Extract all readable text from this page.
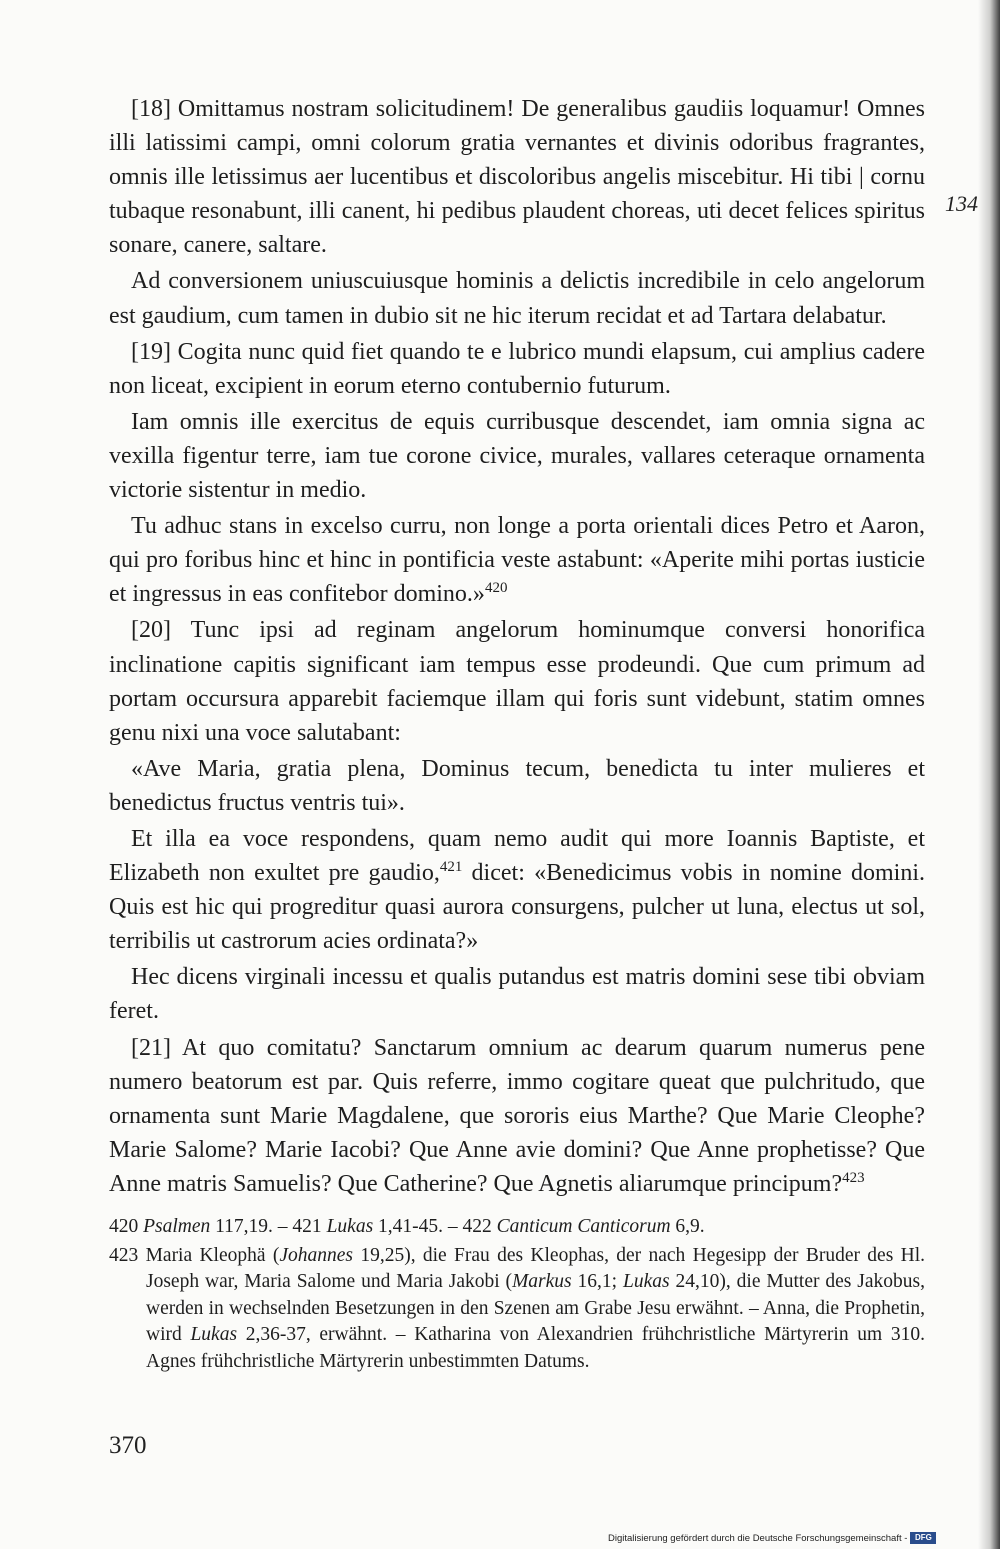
[18] Omittamus nostram solicitudinem! De generalibus gaudiis loquamur! Omnes illi latissimi campi, omni colorum gratia vernantes et divinis odoribus fragrantes, omnis ille letissimus aer lucentibus et discoloribus angelis miscebitur. Hi tibi | cornu tubaque resonabunt, illi canent, hi pedibus plaudent choreas, uti decet felices spiritus sonare, canere, saltare.

Ad conversionem uniuscuiusque hominis a delictis incredibile in celo angelorum est gaudium, cum tamen in dubio sit ne hic iterum recidat et ad Tartara delabatur.

[19] Cogita nunc quid fiet quando te e lubrico mundi elapsum, cui amplius cadere non liceat, excipient in eorum eterno contubernio futurum.

Iam omnis ille exercitus de equis curribusque descendet, iam omnia signa ac vexilla figentur terre, iam tue corone civice, murales, vallares ceteraque ornamenta victorie sistentur in medio.

Tu adhuc stans in excelso curru, non longe a porta orientali dices Petro et Aaron, qui pro foribus hinc et hinc in pontificia veste astabunt: «Aperite mihi portas iusticie et ingressus in eas confitebor domino.»$^{420}$

[20] Tunc ipsi ad reginam angelorum hominumque conversi honorifica inclinatione capitis significant iam tempus esse prodeundi. Que cum primum ad portam occursura apparebit faciemque illam qui foris sunt videbunt, statim omnes genu nixi una voce salutabant:

«Ave Maria, gratia plena, Dominus tecum, benedicta tu inter mulieres et benedictus fructus ventris tui».

Et illa ea voce respondens, quam nemo audit qui more Ioannis Baptiste, et Elizabeth non exultet pre gaudio,$^{421}$ dicet: «Benedicimus vobis in nomine domini. Quis est hic qui progreditur quasi aurora consurgens, pulcher ut luna, electus ut sol, terribilis ut castrorum acies ordinata?»

Hec dicens virginali incessu et qualis putandus est matris domini sese tibi obviam feret.

[21] At quo comitatu? Sanctarum omnium ac dearum quarum numerus pene numero beatorum est par. Quis referre, immo cogitare queat que pulchritudo, que ornamenta sunt Marie Magdalene, que sororis eius Marthe? Que Marie Cleophe? Marie Salome? Marie Iacobi? Que Anne avie domini? Que Anne prophetisse? Que Anne matris Samuelis? Que Catherine? Que Agnetis aliarumque principum?$^{423}$

134

420 Psalmen 117,19. – 421 Lukas 1,41-45. – 422 Canticum Canticorum 6,9.

423 Maria Kleophä (Johannes 19,25), die Frau des Kleophas, der nach Hegesipp der Bruder des Hl. Joseph war, Maria Salome und Maria Jakobi (Markus 16,1; Lukas 24,10), die Mutter des Jakobus, werden in wechselnden Besetzungen in den Szenen am Grabe Jesu erwähnt. – Anna, die Prophetin, wird Lukas 2,36-37, erwähnt. – Katharina von Alexandrien frühchristliche Märtyrerin um 310. Agnes frühchristliche Märtyrerin unbestimmten Datums.

370
Digitalisierung gefördert durch die Deutsche Forschungsgemeinschaft - DFG
